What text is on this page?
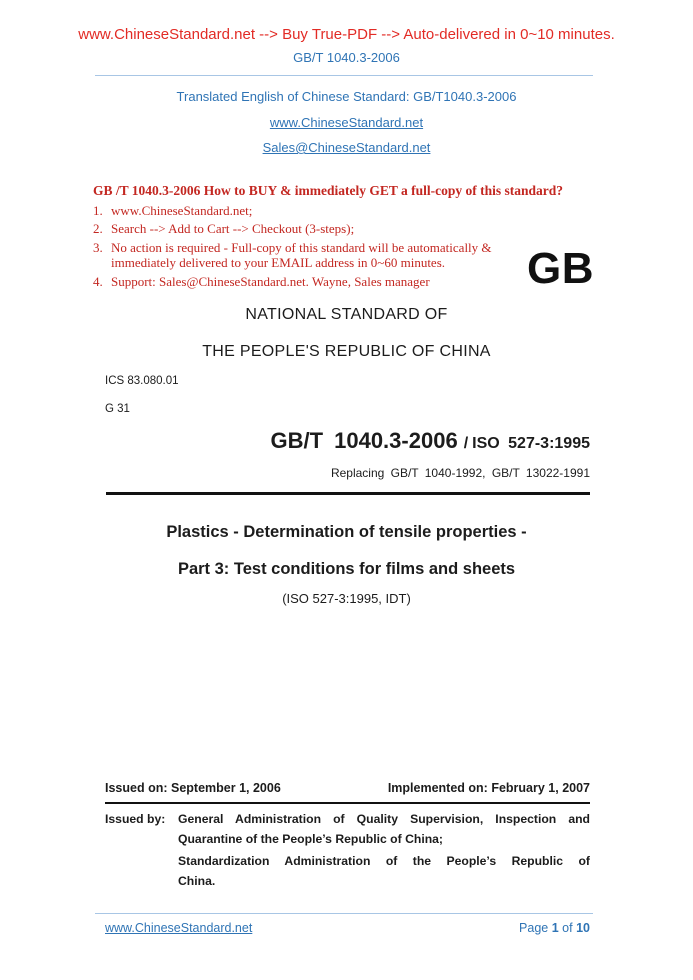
www.ChineseStandard.net --> Buy True-PDF --> Auto-delivered in 0~10 minutes.
GB/T 1040.3-2006
Translated English of Chinese Standard: GB/T1040.3-2006
www.ChineseStandard.net
Sales@ChineseStandard.net
GB /T 1040.3-2006 How to BUY & immediately GET a full-copy of this standard?
1. www.ChineseStandard.net;
2. Search --> Add to Cart --> Checkout (3-steps);
3. No action is required - Full-copy of this standard will be automatically &
immediately delivered to your EMAIL address in 0~60 minutes.
4. Support: Sales@ChineseStandard.net. Wayne, Sales manager GB
NATIONAL STANDARD OF
THE PEOPLE'S REPUBLIC OF CHINA
ICS 83.080.01
G 31
GB/T 1040.3-2006 / ISO 527-3:1995
Replacing GB/T 1040-1992, GB/T 13022-1991
Plastics - Determination of tensile properties -
Part 3: Test conditions for films and sheets
(ISO 527-3:1995, IDT)
Issued on: September 1, 2006	Implemented on: February 1, 2007
Issued by:	General Administration of Quality Supervision, Inspection and
Quarantine of the People’s Republic of China;
Standardization Administration of the People’s Republic of
China.
www.ChineseStandard.net	Page 1 of 10
